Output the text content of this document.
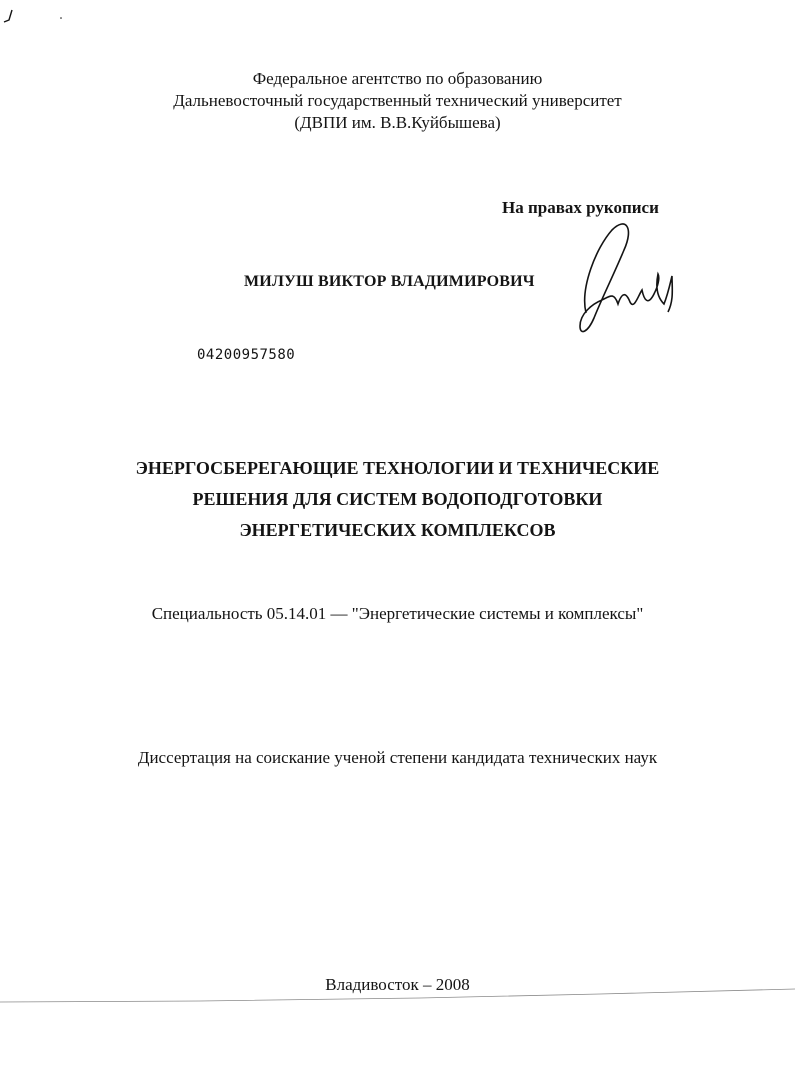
Федеральное агентство по образованию
Дальневосточный государственный технический университет
(ДВПИ им. В.В.Куйбышева)
На правах рукописи
МИЛУШ ВИКТОР ВЛАДИМИРОВИЧ
04200957580
ЭНЕРГОСБЕРЕГАЮЩИЕ ТЕХНОЛОГИИ И ТЕХНИЧЕСКИЕ
РЕШЕНИЯ ДЛЯ СИСТЕМ ВОДОПОДГОТОВКИ
ЭНЕРГЕТИЧЕСКИХ КОМПЛЕКСОВ
Специальность 05.14.01 — "Энергетические системы и комплексы"
Диссертация на соискание ученой степени кандидата технических наук
Владивосток – 2008
